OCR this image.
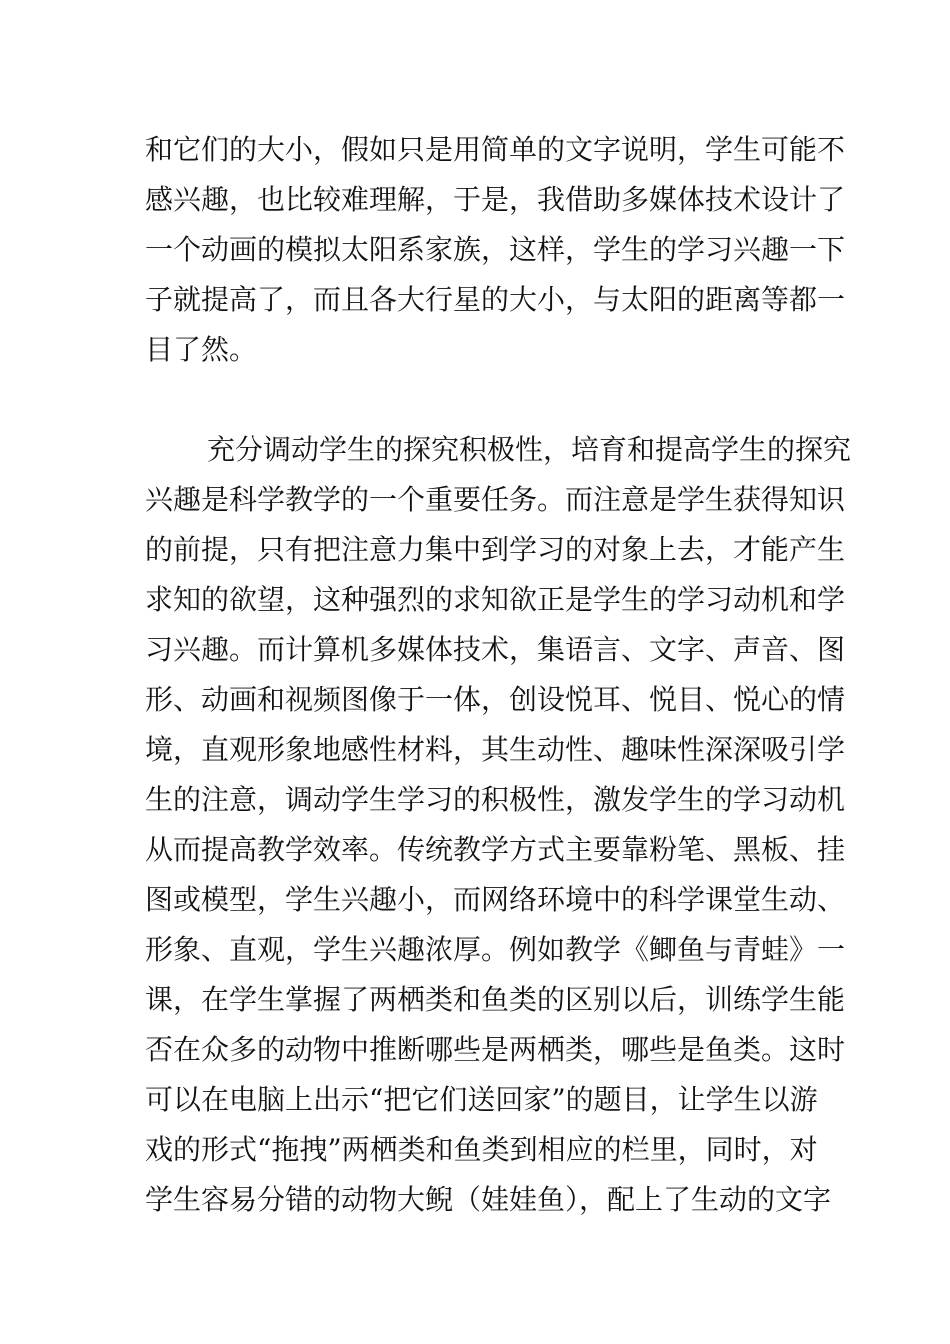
和它们的大小，假如只是用简单的文字说明，学生可能不
感兴趣，也比较难理解，于是，我借助多媒体技术设计了
一个动画的模拟太阳系家族，这样，学生的学习兴趣一下
子就提高了，而且各大行星的大小，与太阳的距离等都一
目了然。
充分调动学生的探究积极性，培育和提高学生的探究
兴趣是科学教学的一个重要任务。而注意是学生获得知识
的前提，只有把注意力集中到学习的对象上去，才能产生
求知的欲望，这种强烈的求知欲正是学生的学习动机和学
习兴趣。而计算机多媒体技术，集语言、文字、声音、图
形、动画和视频图像于一体，创设悦耳、悦目、悦心的情
境，直观形象地感性材料，其生动性、趣味性深深吸引学
生的注意，调动学生学习的积极性，激发学生的学习动机
从而提高教学效率。传统教学方式主要靠粉笔、黑板、挂
图或模型，学生兴趣小，而网络环境中的科学课堂生动、
形象、直观，学生兴趣浓厚。例如教学《鲫鱼与青蛙》一
课，在学生掌握了两栖类和鱼类的区别以后，训练学生能
否在众多的动物中推断哪些是两栖类，哪些是鱼类。这时
可以在电脑上出示“把它们送回家”的题目，让学生以游
戏的形式“拖拽”两栖类和鱼类到相应的栏里，同时，对
学生容易分错的动物大鲵（娃娃鱼），配上了生动的文字
